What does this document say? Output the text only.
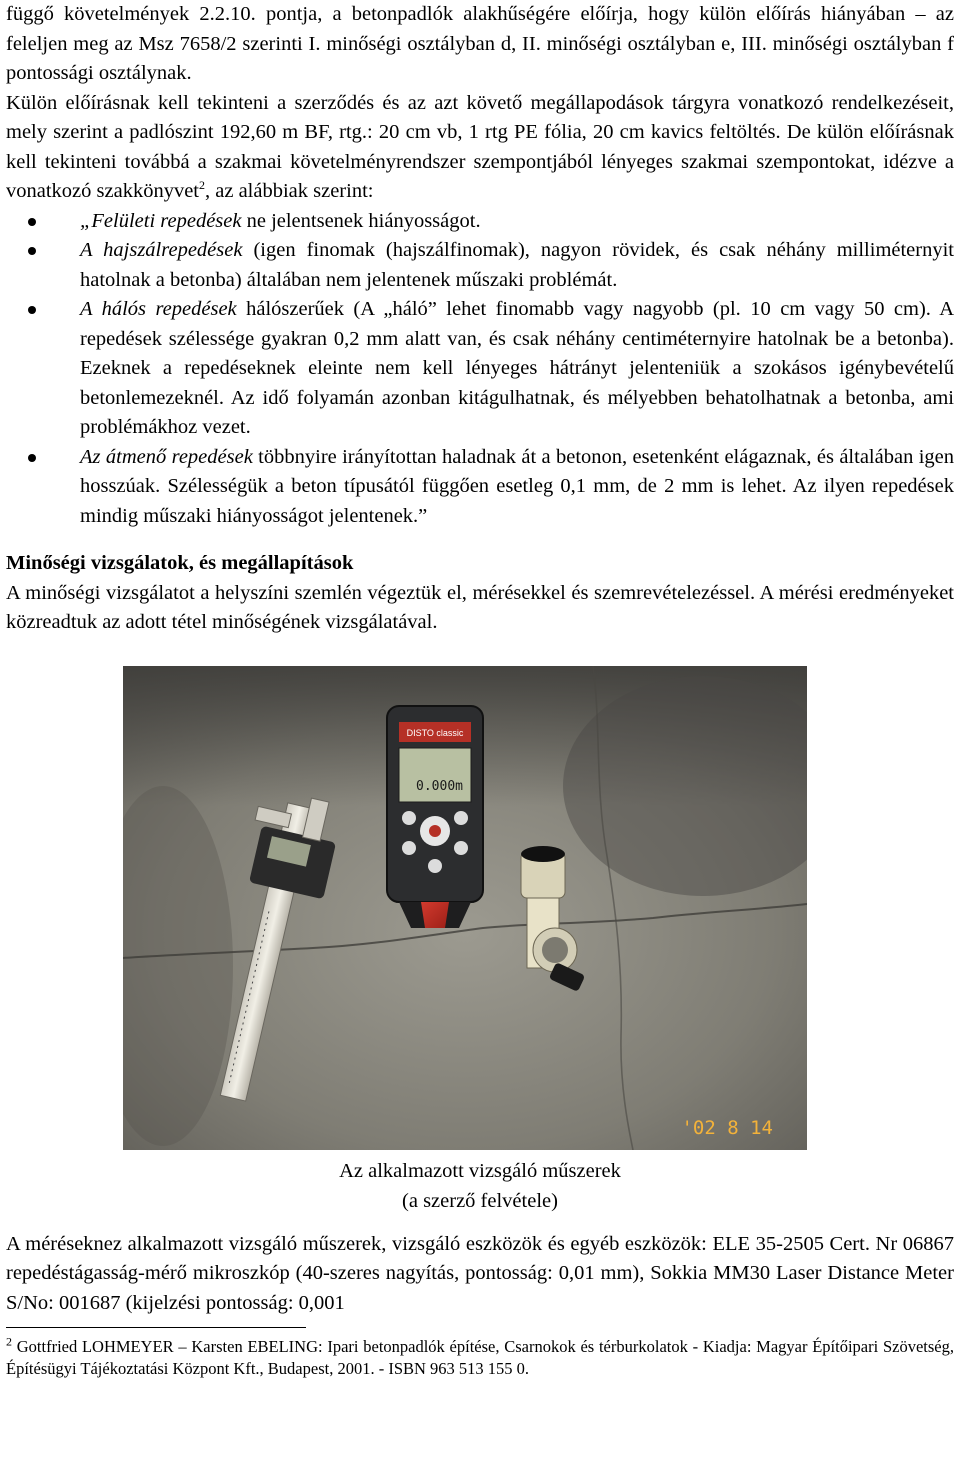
függő követelmények 2.2.10. pontja, a betonpadlók alakhűségére előírja, hogy külön előírás hiányában – az feleljen meg az Msz 7658/2 szerinti I. minőségi osztályban d, II. minőségi osztályban e, III. minőségi osztályban f pontossági osztálynak.

Külön előírásnak kell tekinteni a szerződés és az azt követő megállapodások tárgyra vonatkozó rendelkezéseit, mely szerint a padlószint 192,60 m BF, rtg.: 20 cm vb, 1 rtg PE fólia, 20 cm kavics feltöltés. De külön előírásnak kell tekinteni továbbá a szakmai követelményrendszer szempontjából lényeges szakmai szempontokat, idézve a vonatkozó szakkönyvet$^2$, az alábbiak szerint:

„Felületi repedések ne jelentsenek hiányosságot.
A hajszálrepedések (igen finomak (hajszálfinomak), nagyon rövidek, és csak néhány milliméternyit hatolnak a betonba) általában nem jelentenek műszaki problémát.
A hálós repedések hálószerűek (A „háló” lehet finomabb vagy nagyobb (pl. 10 cm vagy 50 cm). A repedések szélessége gyakran 0,2 mm alatt van, és csak néhány centiméternyire hatolnak be a betonba). Ezeknek a repedéseknek eleinte nem kell lényeges hátrányt jelenteniük a szokásos igénybevételű betonlemezeknél. Az idő folyamán azonban kitágulhatnak, és mélyebben behatolhatnak a betonba, ami problémákhoz vezet.
Az átmenő repedések többnyire irányítottan haladnak át a betonon, esetenként elágaznak, és általában igen hosszúak. Szélességük a beton típusától függően esetleg 0,1 mm, de 2 mm is lehet. Az ilyen repedések mindig műszaki hiányosságot jelentenek.”
Minőségi vizsgálatok, és megállapítások

A minőségi vizsgálatot a helyszíni szemlén végeztük el, mérésekkel és szemrevételezéssel. A mérési eredményeket közreadtuk az adott tétel minőségének vizsgálatával.

DISTO classic
0.000m
'02 8 14
Az alkalmazott vizsgáló műszerek
(a szerző felvétele)

A méréseknez alkalmazott vizsgáló műszerek, vizsgáló eszközök és egyéb eszközök: ELE 35-2505 Cert. Nr 06867 repedéstágasság-mérő mikroszkóp (40-szeres nagyítás, pontosság: 0,01 mm), Sokkia MM30 Laser Distance Meter S/No: 001687 (kijelzési pontosság: 0,001

$^2$ Gottfried LOHMEYER – Karsten EBELING: Ipari betonpadlók építése, Csarnokok és térburkolatok - Kiadja: Magyar Építőipari Szövetség, Építésügyi Tájékoztatási Központ Kft., Budapest, 2001. - ISBN 963 513 155 0.
